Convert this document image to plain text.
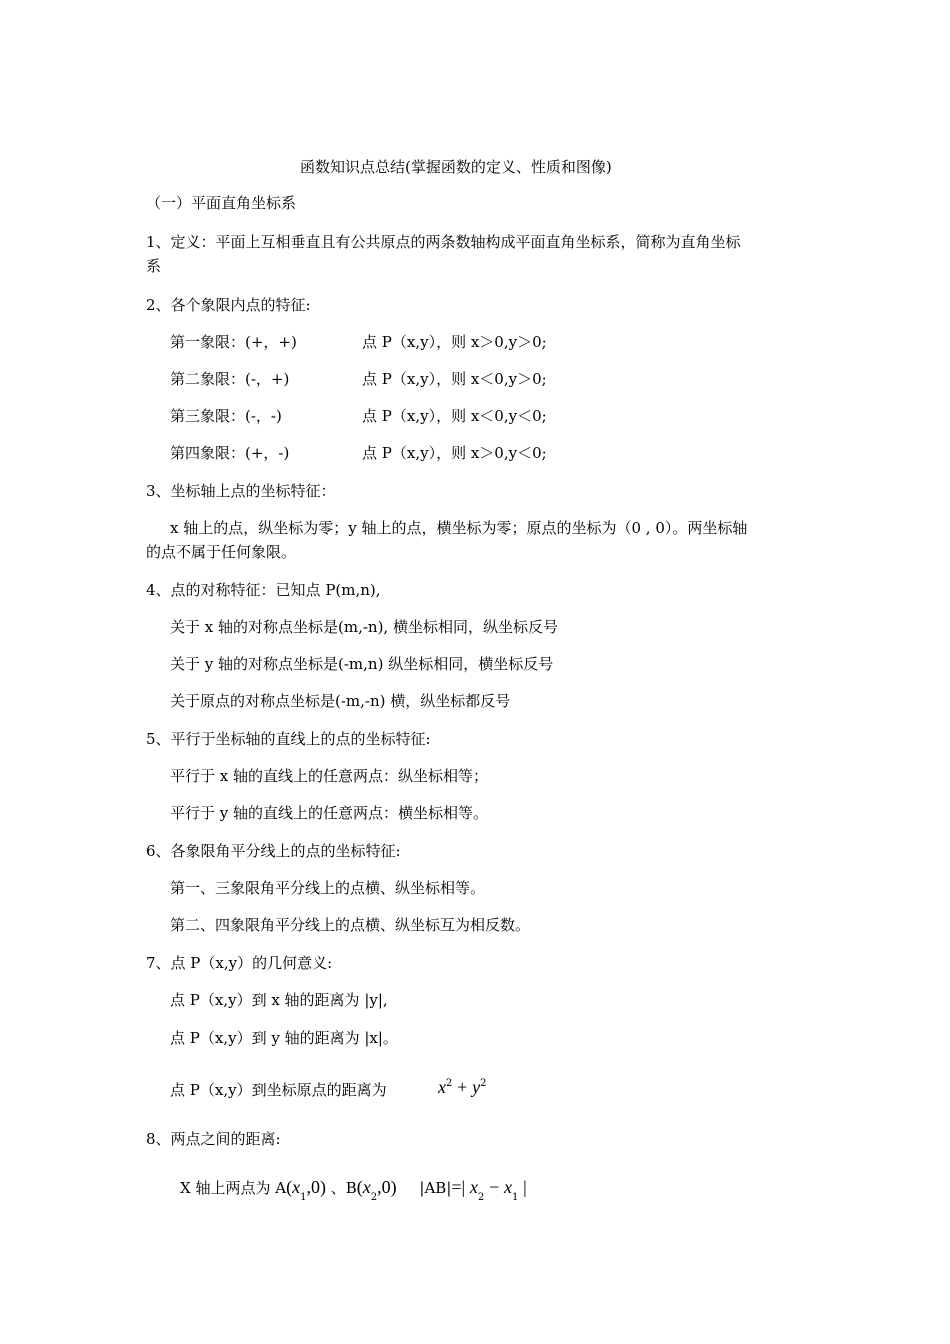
函数知识点总结(掌握函数的定义、性质和图像)
（一）平面直角坐标系
1、定义：平面上互相垂直且有公共原点的两条数轴构成平面直角坐标系，简称为直角坐标
系
2、各个象限内点的特征:
第一象限：(+，+)	点 P（x,y），则 x＞0,y＞0;
第二象限：(-，+)	点 P（x,y），则 x＜0,y＞0;
第三象限：(-，-)	点 P（x,y），则 x＜0,y＜0;
第四象限：(+，-)	点 P（x,y），则 x＞0,y＜0;
3、坐标轴上点的坐标特征：
x 轴上的点，纵坐标为零；y 轴上的点，横坐标为零；原点的坐标为（0 , 0）。两坐标轴
的点不属于任何象限。
4、点的对称特征：已知点 P(m,n),
关于 x 轴的对称点坐标是(m,-n), 横坐标相同，纵坐标反号
关于 y 轴的对称点坐标是(-m,n) 纵坐标相同，横坐标反号
关于原点的对称点坐标是(-m,-n) 横，纵坐标都反号
5、平行于坐标轴的直线上的点的坐标特征:
平行于 x 轴的直线上的任意两点：纵坐标相等；
平行于 y 轴的直线上的任意两点：横坐标相等。
6、各象限角平分线上的点的坐标特征:
第一、三象限角平分线上的点横、纵坐标相等。
第二、四象限角平分线上的点横、纵坐标互为相反数。
7、点 P（x,y）的几何意义:
点 P（x,y）到 x 轴的距离为 |y|,
点 P（x,y）到 y 轴的距离为 |x|。
点 P（x,y）到坐标原点的距离为	$x^2 + y^2$
8、两点之间的距离:
X 轴上两点为 $A(x_1,0)$ 、$B(x_2,0)$ |AB|=| $x_2 - x_1$ |
